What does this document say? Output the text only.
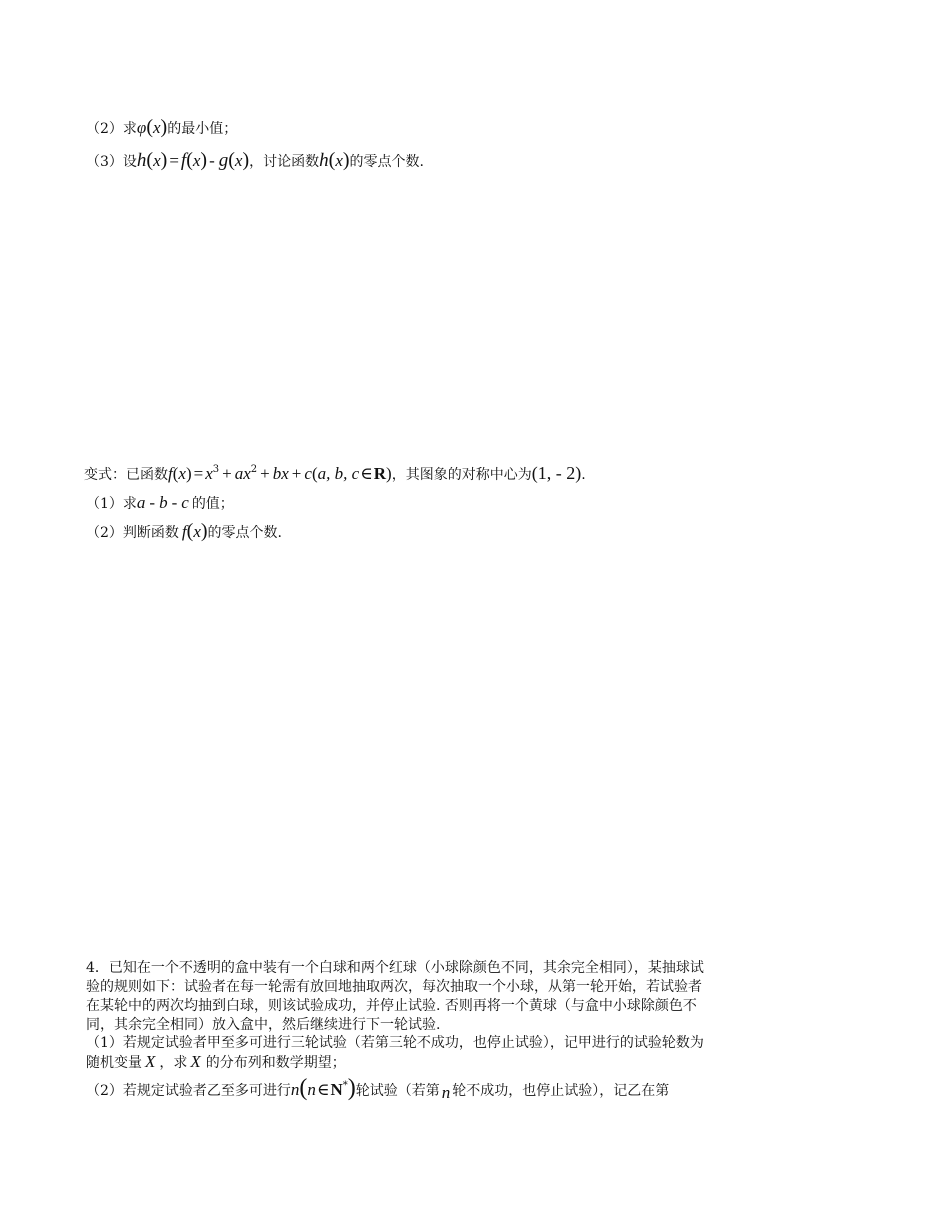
（2）求φ(x)的最小值；
（3）设h(x) = f(x) - g(x)，讨论函数h(x)的零点个数.
变式：已函数$f(x) = x^3 + ax^2$ + bx + c(a, b, c∈R)，其图象的对称中心为(1, - 2).
（1）求a - b - c 的值；
（2）判断函数 f(x)的零点个数.
4．已知在一个不透明的盒中装有一个白球和两个红球（小球除颜色不同，其余完全相同），某抽球试
验的规则如下：试验者在每一轮需有放回地抽取两次，每次抽取一个小球，从第一轮开始，若试验者
在某轮中的两次均抽到白球，则该试验成功，并停止试验. 否则再将一个黄球（与盒中小球除颜色不
同，其余完全相同）放入盒中，然后继续进行下一轮试验.
（1）若规定试验者甲至多可进行三轮试验（若第三轮不成功，也停止试验），记甲进行的试验轮数为
随机变量 X ，求 X 的分布列和数学期望；
（2）若规定试验者乙至多可进行n(n∈N*)轮试验（若第 n 轮不成功，也停止试验），记乙在第
